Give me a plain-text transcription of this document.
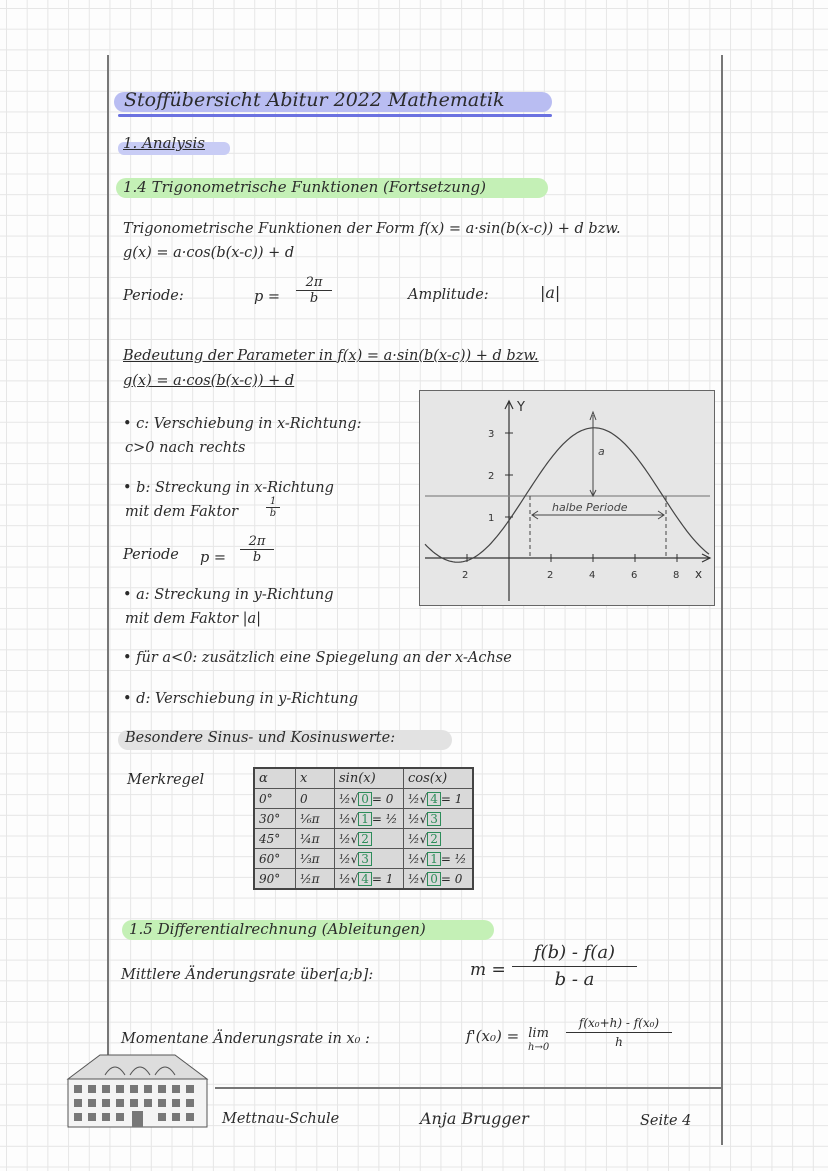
Stoffübersicht Abitur 2022 Mathematik
1. Analysis
1.4 Trigonometrische Funktionen (Fortsetzung)
Trigonometrische Funktionen der Form f(x) = a·sin(b(x-c)) + d bzw.
g(x) = a·cos(b(x-c)) + d
Periode:	$p = \frac{2\pi}{b}$	Amplitude:	|a|
Bedeutung der Parameter in f(x) = a·sin(b(x-c)) + d bzw.
g(x) = a·cos(b(x-c)) + d
• c: Verschiebung in x-Richtung:
c>0 nach rechts
• b: Streckung in x-Richtung
mit dem Faktor	$\frac{1}{b}$
Periode $p = \frac{2\pi}{b}$
• a: Streckung in y-Richtung
mit dem Faktor |a|
• für a<0: zusätzlich eine Spiegelung an der x-Achse
• d: Verschiebung in y-Richtung
Y
x
1
2
3
2	2	4	6	8
a
halbe Periode
Besondere Sinus- und Kosinuswerte:
Merkregel	α	x	sin(x)	cos(x)
0°	0	½√ 0 = 0	½√ 4 = 1
30°	⅙π	½√ 1 = ½	½√ 3
45°	¼π	½√ 2	½√ 2
60°	⅓π	½√ 3	½√ 1 = ½
90°	½π	½√ 4 = 1	½√ 0 = 0
1.5 Differentialrechnung (Ableitungen)
Mittlere Änderungsrate über[a;b]:	$m = \frac{f(b) - f(a)}{b - a}$
Momentane Änderungsrate in x₀ :	f'(x₀) = lim
$h\to 0 \frac{\text{f(x₀+h) - f(x₀)}}{h}$
Mettnau-Schule	Anja Brugger	Seite 4
